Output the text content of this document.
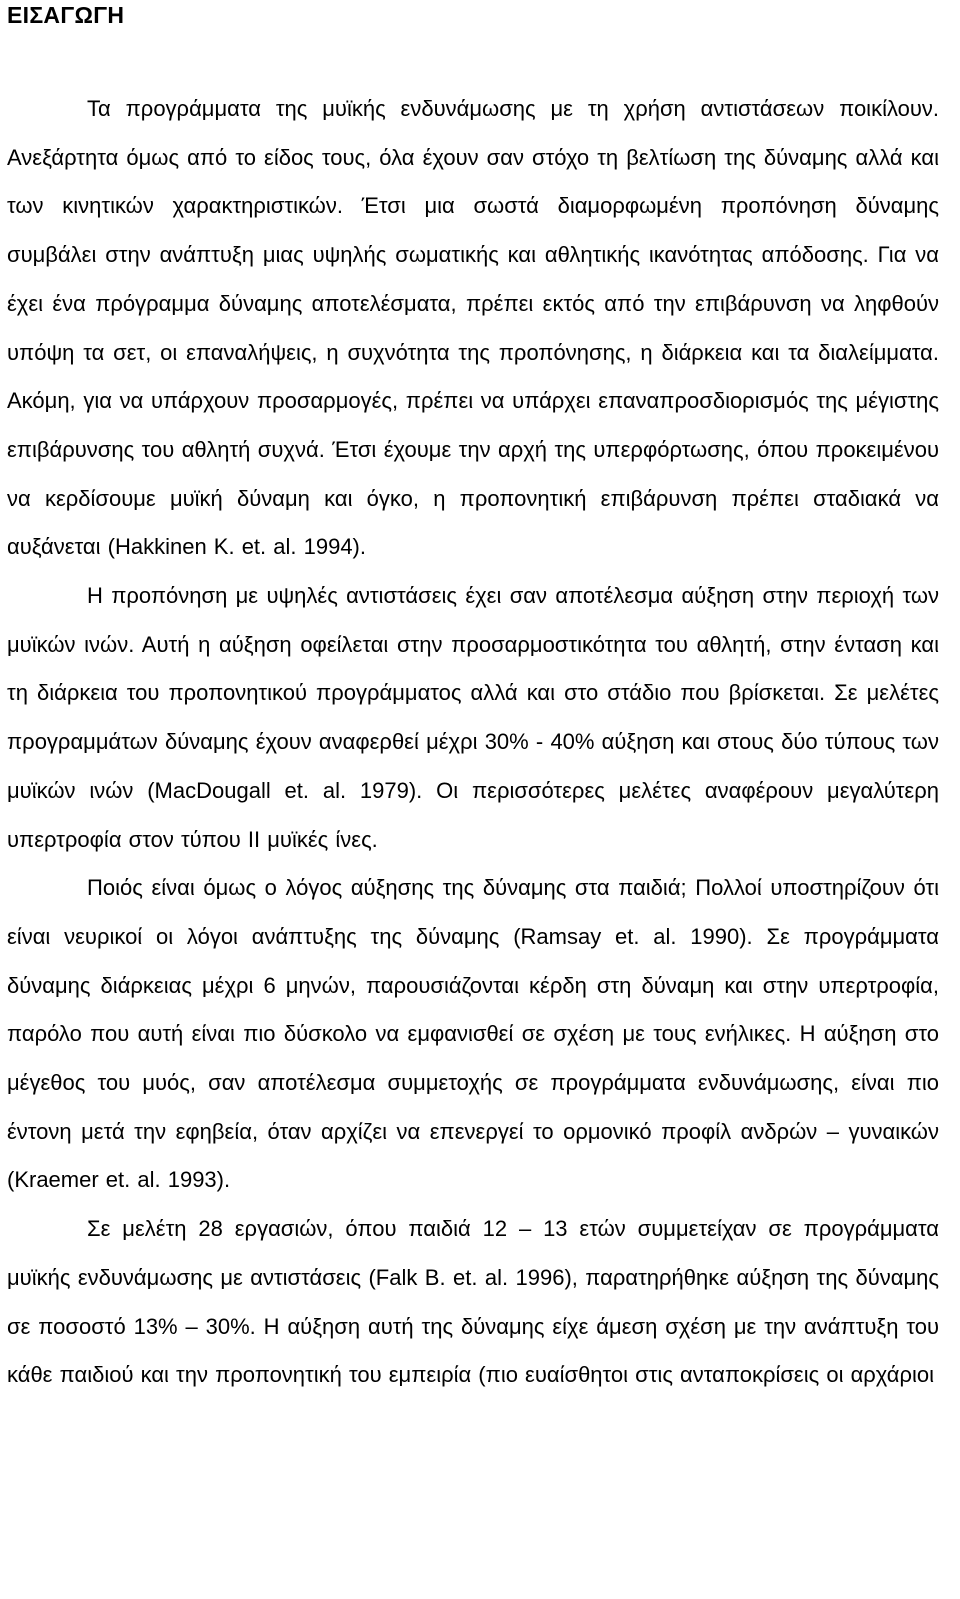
ΕΙΣΑΓΩΓΗ

Τα προγράμματα της μυϊκής ενδυνάμωσης με τη χρήση αντιστάσεων ποικίλουν. Ανεξάρτητα όμως από το είδος τους, όλα έχουν σαν στόχο τη βελτίωση της δύναμης αλλά και των κινητικών χαρακτηριστικών. Έτσι μια σωστά διαμορφωμένη προπόνηση δύναμης συμβάλει στην ανάπτυξη μιας υψηλής σωματικής και αθλητικής ικανότητας απόδοσης. Για να έχει ένα πρόγραμμα δύναμης αποτελέσματα, πρέπει εκτός από την επιβάρυνση να ληφθούν υπόψη τα σετ, οι επαναλήψεις, η συχνότητα της προπόνησης, η διάρκεια και τα διαλείμματα. Ακόμη, για να υπάρχουν προσαρμογές, πρέπει να υπάρχει επαναπροσδιορισμός της μέγιστης επιβάρυνσης του αθλητή συχνά. Έτσι έχουμε την αρχή της υπερφόρτωσης, όπου προκειμένου να κερδίσουμε μυϊκή δύναμη και όγκο, η προπονητική επιβάρυνση πρέπει σταδιακά να αυξάνεται (Hakkinen K. et. al. 1994).

Η προπόνηση με υψηλές αντιστάσεις έχει σαν αποτέλεσμα αύξηση στην περιοχή των μυϊκών ινών. Αυτή η αύξηση οφείλεται στην προσαρμοστικότητα του αθλητή, στην ένταση και τη διάρκεια του προπονητικού προγράμματος αλλά και στο στάδιο που βρίσκεται. Σε μελέτες προγραμμάτων δύναμης έχουν αναφερθεί μέχρι 30% - 40% αύξηση και στους δύο τύπους των μυϊκών ινών (MacDougall et. al. 1979). Οι περισσότερες μελέτες αναφέρουν μεγαλύτερη υπερτροφία στον τύπου ΙΙ μυϊκές ίνες.

Ποιός είναι όμως ο λόγος αύξησης της δύναμης στα παιδιά; Πολλοί υποστηρίζουν ότι είναι νευρικοί οι λόγοι ανάπτυξης της δύναμης (Ramsay et. al. 1990). Σε προγράμματα δύναμης διάρκειας μέχρι 6 μηνών, παρουσιάζονται κέρδη στη δύναμη και στην υπερτροφία, παρόλο που αυτή είναι πιο δύσκολο να εμφανισθεί σε σχέση με τους ενήλικες. Η αύξηση στο μέγεθος του μυός, σαν αποτέλεσμα συμμετοχής σε προγράμματα ενδυνάμωσης, είναι πιο έντονη μετά την εφηβεία, όταν αρχίζει να επενεργεί το ορμονικό προφίλ ανδρών – γυναικών (Kraemer et. al. 1993).

Σε μελέτη 28 εργασιών, όπου παιδιά 12 – 13 ετών συμμετείχαν σε προγράμματα μυϊκής ενδυνάμωσης με αντιστάσεις (Falk B. et. al. 1996), παρατηρήθηκε αύξηση της δύναμης σε ποσοστό 13% – 30%. Η αύξηση αυτή της δύναμης είχε άμεση σχέση με την ανάπτυξη του κάθε παιδιού και την προπονητική του εμπειρία (πιο ευαίσθητοι στις ανταποκρίσεις οι αρχάριοι
